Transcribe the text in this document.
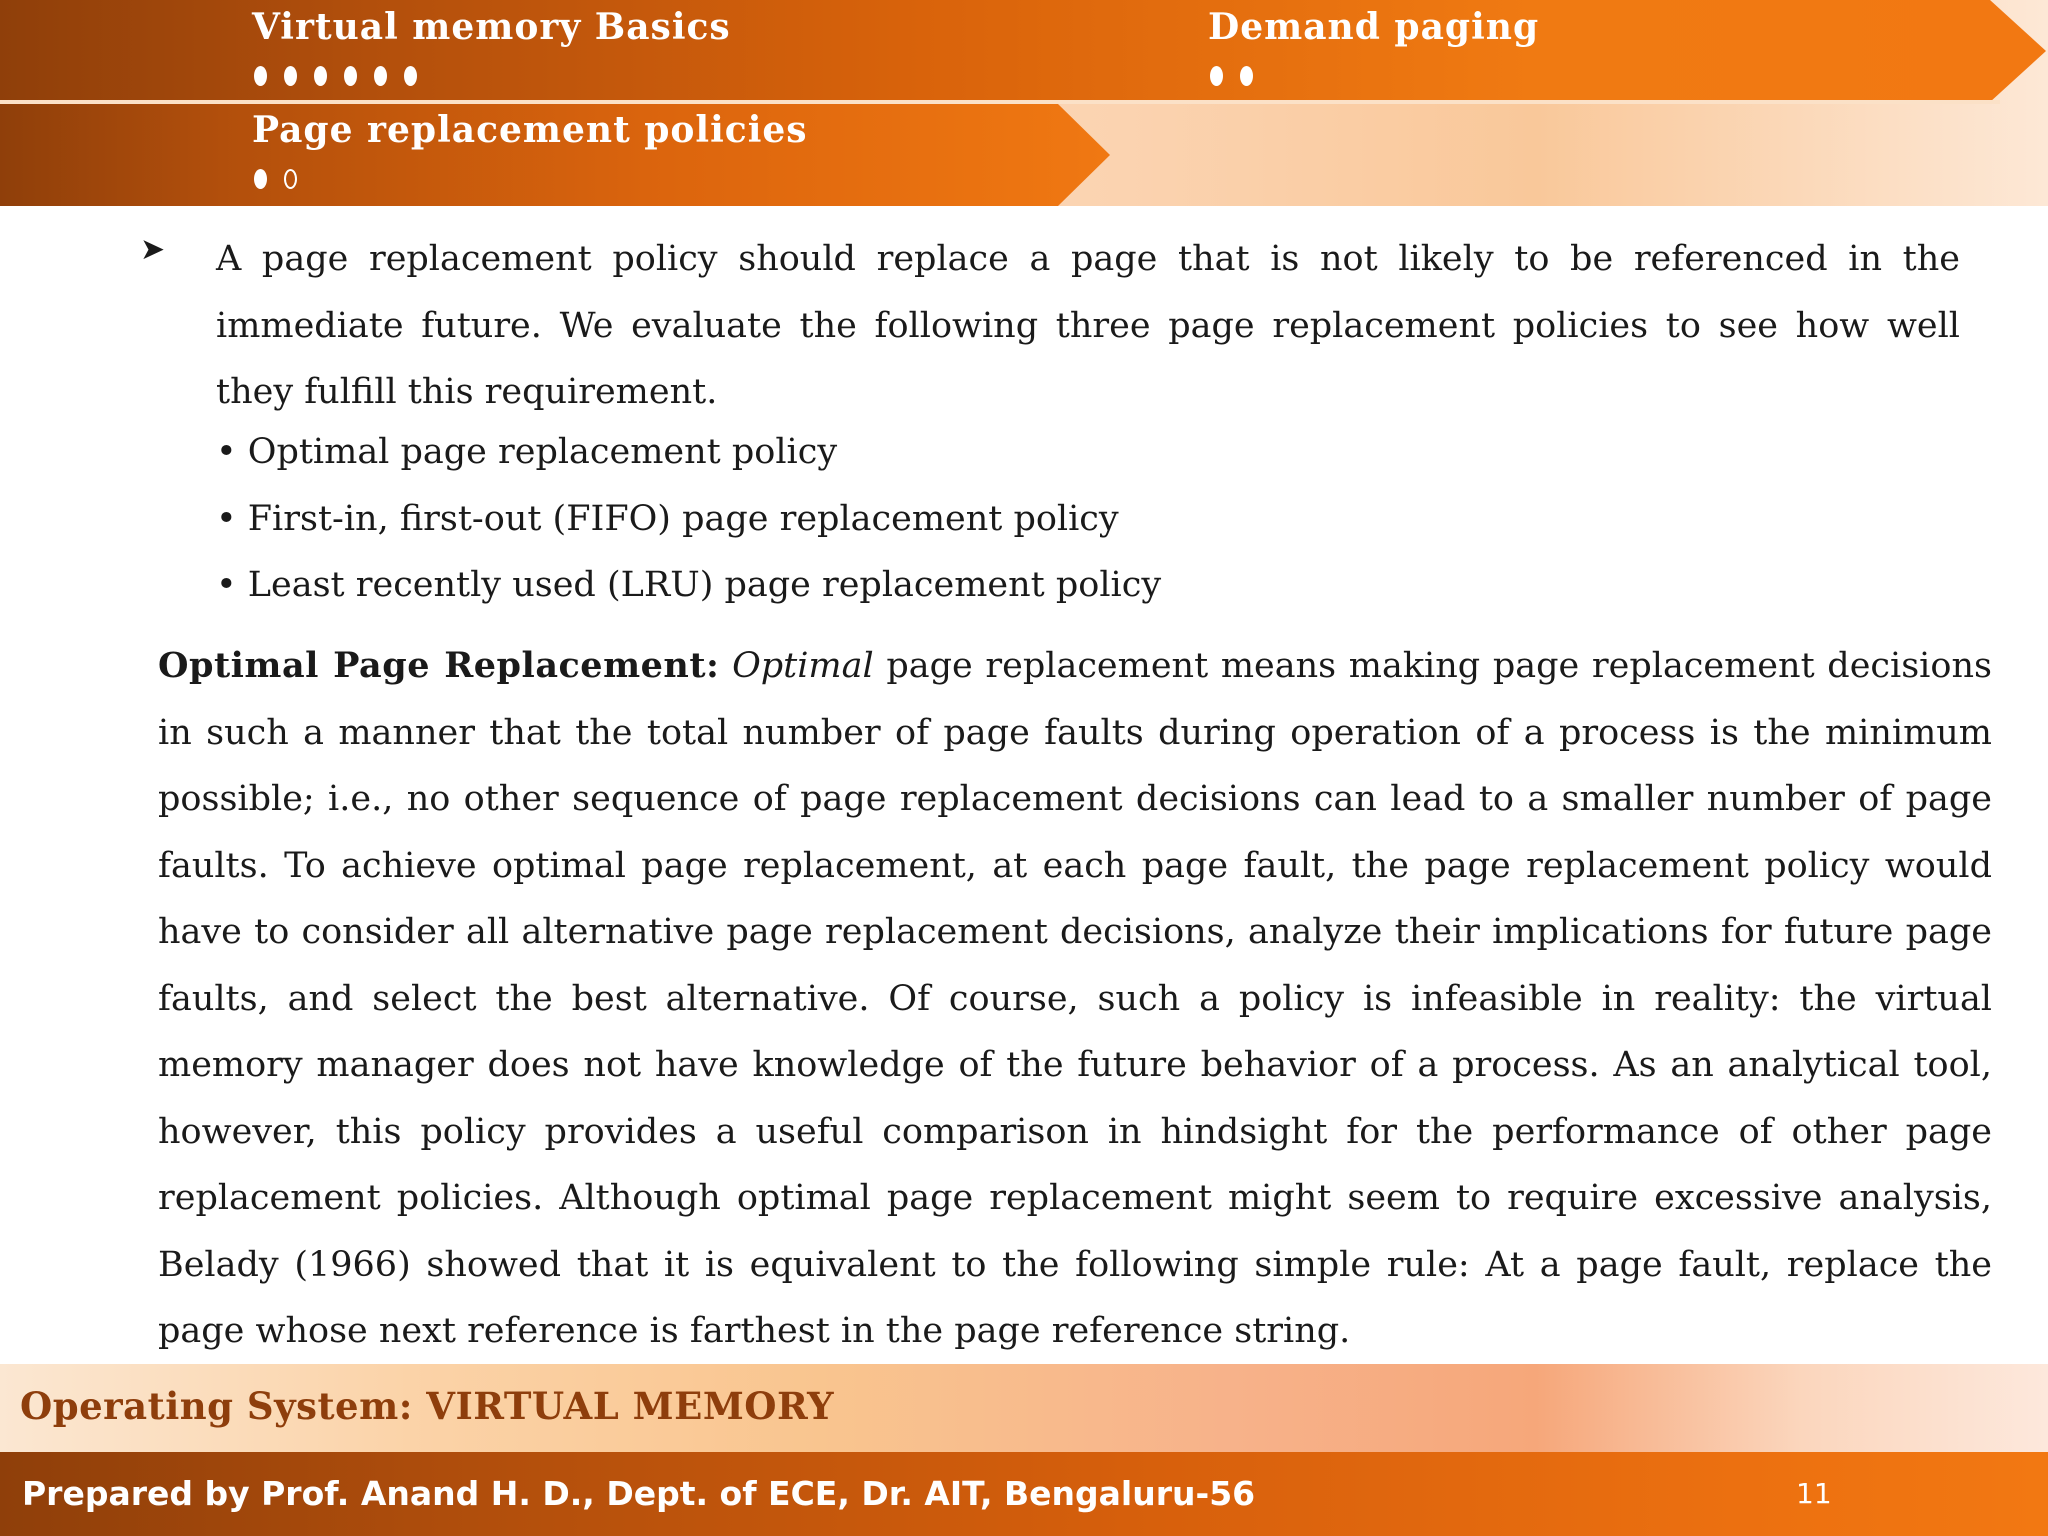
Virtual memory Basics	Demand paging
Page replacement policies
➤ A page replacement policy should replace a page that is not likely to be referenced in the immediate future. We evaluate the following three page replacement policies to see how well they fulfill this requirement.
• Optimal page replacement policy
• First-in, first-out (FIFO) page replacement policy
• Least recently used (LRU) page replacement policy
Optimal Page Replacement: Optimal page replacement means making page replacement decisions in such a manner that the total number of page faults during operation of a process is the minimum possible; i.e., no other sequence of page replacement decisions can lead to a smaller number of page faults. To achieve optimal page replacement, at each page fault, the page replacement policy would have to consider all alternative page replacement decisions, analyze their implications for future page faults, and select the best alternative. Of course, such a policy is infeasible in reality: the virtual memory manager does not have knowledge of the future behavior of a process. As an analytical tool, however, this policy provides a useful comparison in hindsight for the performance of other page replacement policies. Although optimal page replacement might seem to require excessive analysis, Belady (1966) showed that it is equivalent to the following simple rule: At a page fault, replace the page whose next reference is farthest in the page reference string.
Operating System: VIRTUAL MEMORY
Prepared by Prof. Anand H. D., Dept. of ECE, Dr. AIT, Bengaluru-56	11
